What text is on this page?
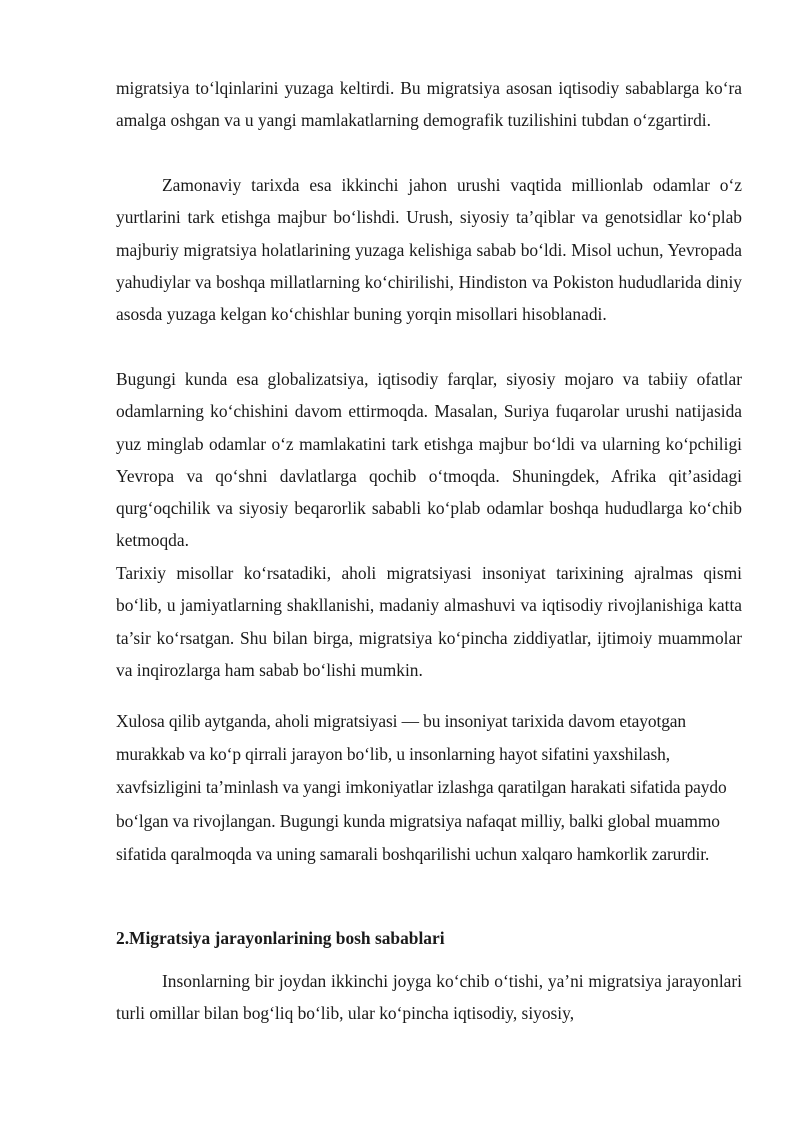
migratsiya to‘lqinlarini yuzaga keltirdi. Bu migratsiya asosan iqtisodiy sabablarga ko‘ra amalga oshgan va u yangi mamlakatlarning demografik tuzilishini tubdan o‘zgartirdi.

Zamonaviy tarixda esa ikkinchi jahon urushi vaqtida millionlab odamlar o‘z yurtlarini tark etishga majbur bo‘lishdi. Urush, siyosiy ta’qiblar va genotsidlar ko‘plab majburiy migratsiya holatlarining yuzaga kelishiga sabab bo‘ldi. Misol uchun, Yevropada yahudiylar va boshqa millatlarning ko‘chirilishi, Hindiston va Pokiston hududlarida diniy asosda yuzaga kelgan ko‘chishlar buning yorqin misollari hisoblanadi.

Bugungi kunda esa globalizatsiya, iqtisodiy farqlar, siyosiy mojaro va tabiiy ofatlar odamlarning ko‘chishini davom ettirmoqda. Masalan, Suriya fuqarolar urushi natijasida yuz minglab odamlar o‘z mamlakatini tark etishga majbur bo‘ldi va ularning ko‘pchiligi Yevropa va qo‘shni davlatlarga qochib o‘tmoqda. Shuningdek, Afrika qit’asidagi qurg‘oqchilik va siyosiy beqarorlik sababli ko‘plab odamlar boshqa hududlarga ko‘chib ketmoqda.

Tarixiy misollar ko‘rsatadiki, aholi migratsiyasi insoniyat tarixining ajralmas qismi bo‘lib, u jamiyatlarning shakllanishi, madaniy almashuvi va iqtisodiy rivojlanishiga katta ta’sir ko‘rsatgan. Shu bilan birga, migratsiya ko‘pincha ziddiyatlar, ijtimoiy muammolar va inqirozlarga ham sabab bo‘lishi mumkin.

Xulosa qilib aytganda, aholi migratsiyasi — bu insoniyat tarixida davom etayotgan murakkab va ko‘p qirrali jarayon bo‘lib, u insonlarning hayot sifatini yaxshilash, xavfsizligini ta’minlash va yangi imkoniyatlar izlashga qaratilgan harakati sifatida paydo bo‘lgan va rivojlangan. Bugungi kunda migratsiya nafaqat milliy, balki global muammo sifatida qaralmoqda va uning samarali boshqarilishi uchun xalqaro hamkorlik zarurdir.

2.Migratsiya jarayonlarining bosh sabablari

Insonlarning bir joydan ikkinchi joyga ko‘chib o‘tishi, ya’ni migratsiya jarayonlari turli omillar bilan bog‘liq bo‘lib, ular ko‘pincha iqtisodiy, siyosiy,
